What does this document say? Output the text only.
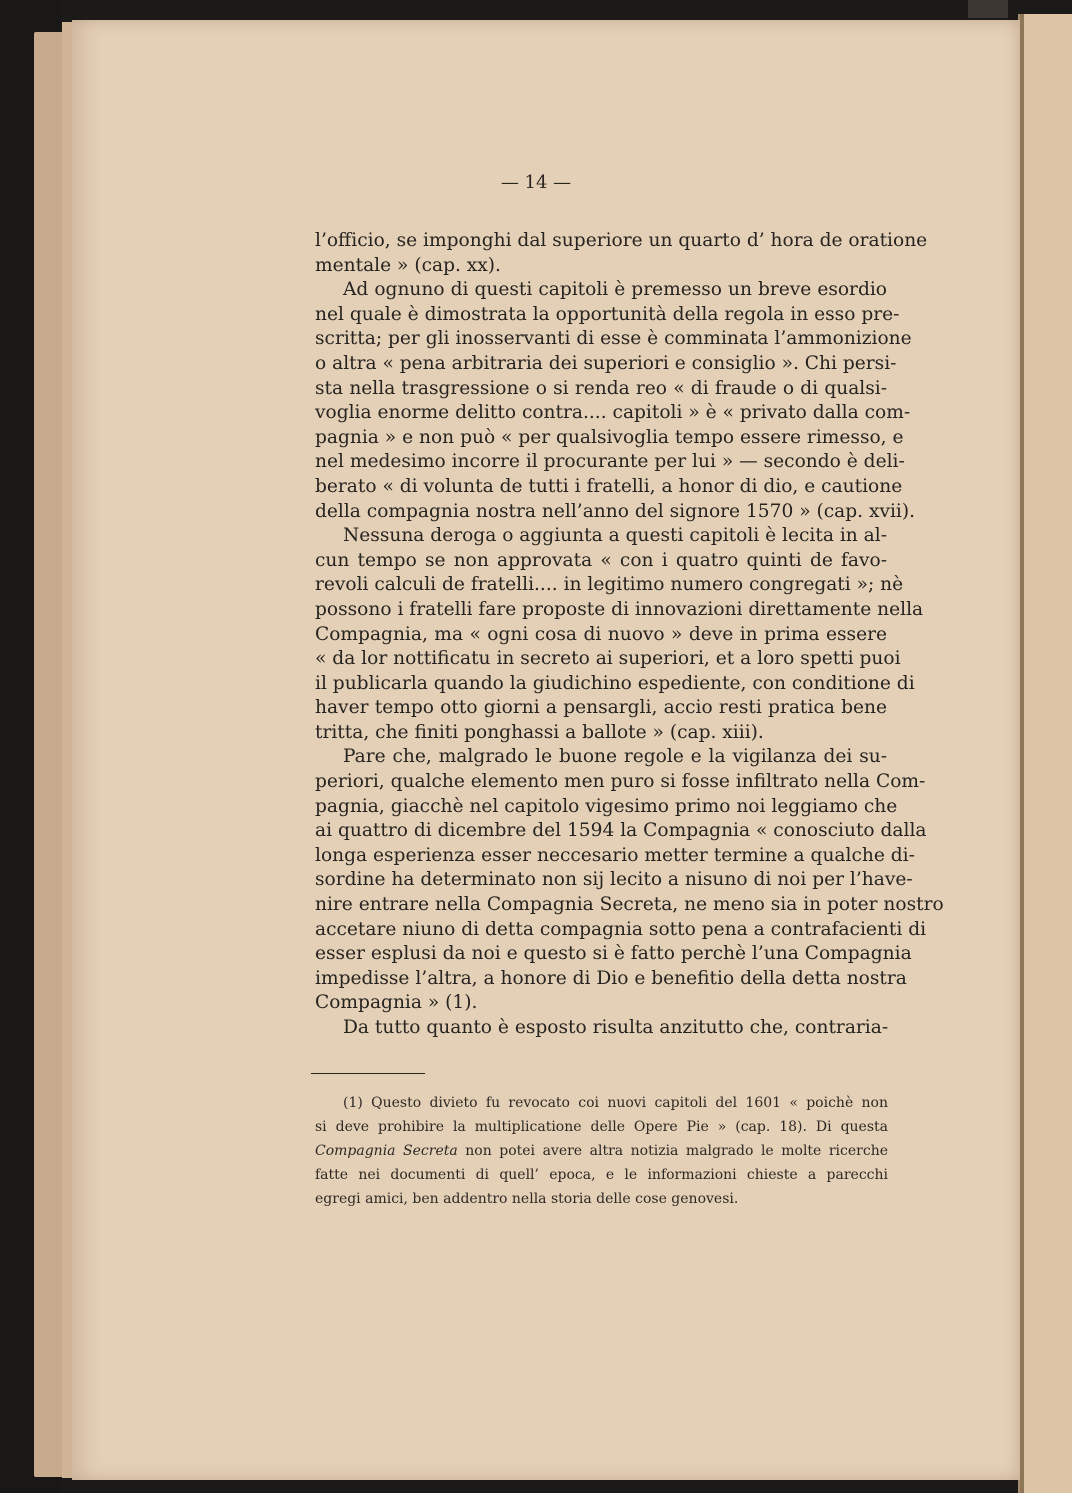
— 14 —
l’officio, se imponghi dal superiore un quarto d’ hora de oratione
mentale » (cap. xx).
Ad ognuno di questi capitoli è premesso un breve esordio
nel quale è dimostrata la opportunità della regola in esso pre-
scritta; per gli inosservanti di esse è comminata l’ammonizione
o altra « pena arbitraria dei superiori e consiglio ». Chi persi-
sta nella trasgressione o si renda reo « di fraude o di qualsi-
voglia enorme delitto contra.... capitoli » è « privato dalla com-
pagnia » e non può « per qualsivoglia tempo essere rimesso, e
nel medesimo incorre il procurante per lui » — secondo è deli-
berato « di volunta de tutti i fratelli, a honor di dio, e cautione
della compagnia nostra nell’anno del signore 1570 » (cap. xvii).
Nessuna deroga o aggiunta a questi capitoli è lecita in al-
cun tempo se non approvata « con i quatro quinti de favo-
revoli calculi de fratelli.... in legitimo numero congregati »; nè
possono i fratelli fare proposte di innovazioni direttamente nella
Compagnia, ma « ogni cosa di nuovo » deve in prima essere
« da lor nottificatu in secreto ai superiori, et a loro spetti puoi
il publicarla quando la giudichino espediente, con conditione di
haver tempo otto giorni a pensargli, accio resti pratica bene
tritta, che finiti ponghassi a ballote » (cap. xiii).
Pare che, malgrado le buone regole e la vigilanza dei su-
periori, qualche elemento men puro si fosse infiltrato nella Com-
pagnia, giacchè nel capitolo vigesimo primo noi leggiamo che
ai quattro di dicembre del 1594 la Compagnia « conosciuto dalla
longa esperienza esser neccesario metter termine a qualche di-
sordine ha determinato non sij lecito a nisuno di noi per l’havе-
nire entrare nella Compagnia Secreta, ne meno sia in poter nostro
accetare niuno di detta compagnia sotto pena a contrafacienti di
esser esplusi da noi e questo si è fatto perchè l’una Compagnia
impedisse l’altra, a honore di Dio e benefitio della detta nostra
Compagnia » (1).
Da tutto quanto è esposto risulta anzitutto che, contraria-
(1) Questo divieto fu revocato coi nuovi capitoli del 1601 « poichè non
si deve prohibire la multiplicatione delle Opere Pie » (cap. 18). Di questa
Compagnia Secreta non potei avere altra notizia malgrado le molte ricerche
fatte nei documenti di quell’ epoca, e le informazioni chieste a parecchi
egregi amici, ben addentro nella storia delle cose genovesi.
